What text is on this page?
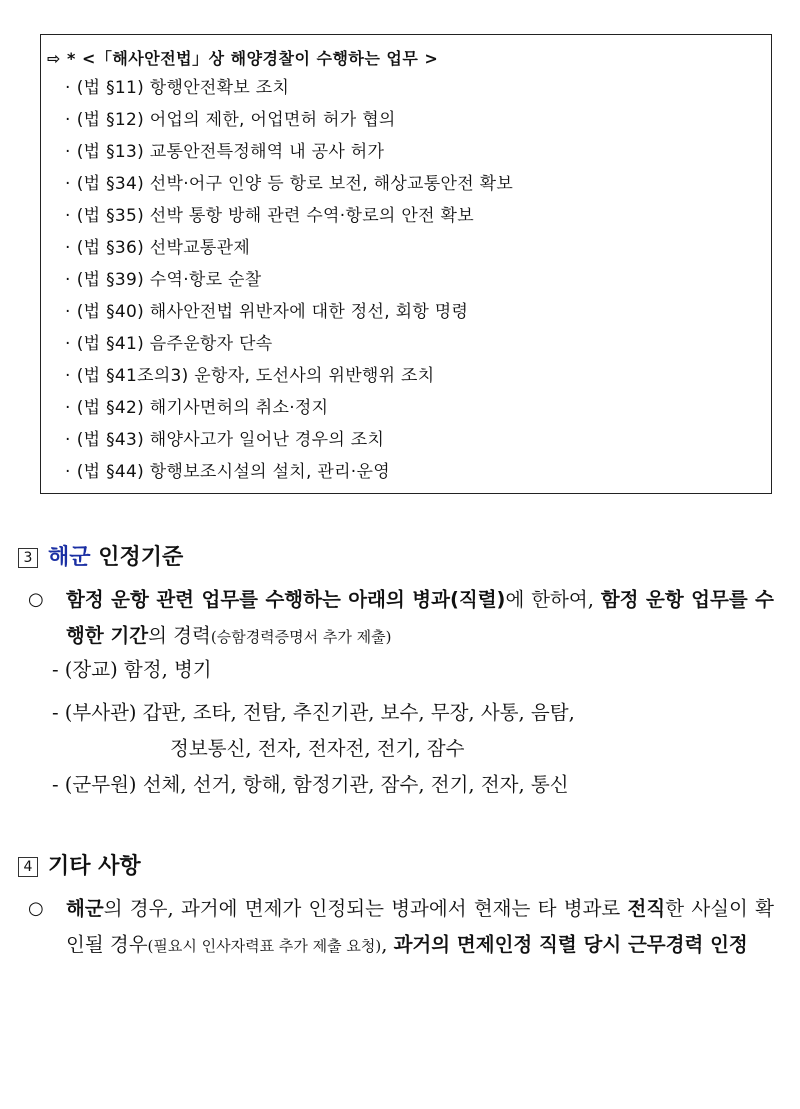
⇨ * <「해사안전법」상 해양경찰이 수행하는 업무 >
· (법 §11) 항행안전확보 조치
· (법 §12) 어업의 제한, 어업면허 허가 협의
· (법 §13) 교통안전특정해역 내 공사 허가
· (법 §34) 선박·어구 인양 등 항로 보전, 해상교통안전 확보
· (법 §35) 선박 통항 방해 관련 수역·항로의 안전 확보
· (법 §36) 선박교통관제
· (법 §39) 수역·항로 순찰
· (법 §40) 해사안전법 위반자에 대한 정선, 회항 명령
· (법 §41) 음주운항자 단속
· (법 §41조의3) 운항자, 도선사의 위반행위 조치
· (법 §42) 해기사면허의 취소·정지
· (법 §43) 해양사고가 일어난 경우의 조치
· (법 §44) 항행보조시설의 설치, 관리·운영
3 해군 인정기준
○ 함정 운항 관련 업무를 수행하는 아래의 병과(직렬)에 한하여, 함정 운항 업무를 수행한 기간의 경력(승함경력증명서 추가 제출)
- (장교) 함정, 병기
- (부사관) 갑판, 조타, 전탐, 추진기관, 보수, 무장, 사통, 음탐,
정보통신, 전자, 전자전, 전기, 잠수
- (군무원) 선체, 선거, 항해, 함정기관, 잠수, 전기, 전자, 통신
4 기타 사항
○ 해군의 경우, 과거에 면제가 인정되는 병과에서 현재는 타 병과로 전직한 사실이 확인될 경우(필요시 인사자력표 추가 제출 요청), 과거의 면제인정 직렬 당시 근무경력 인정
